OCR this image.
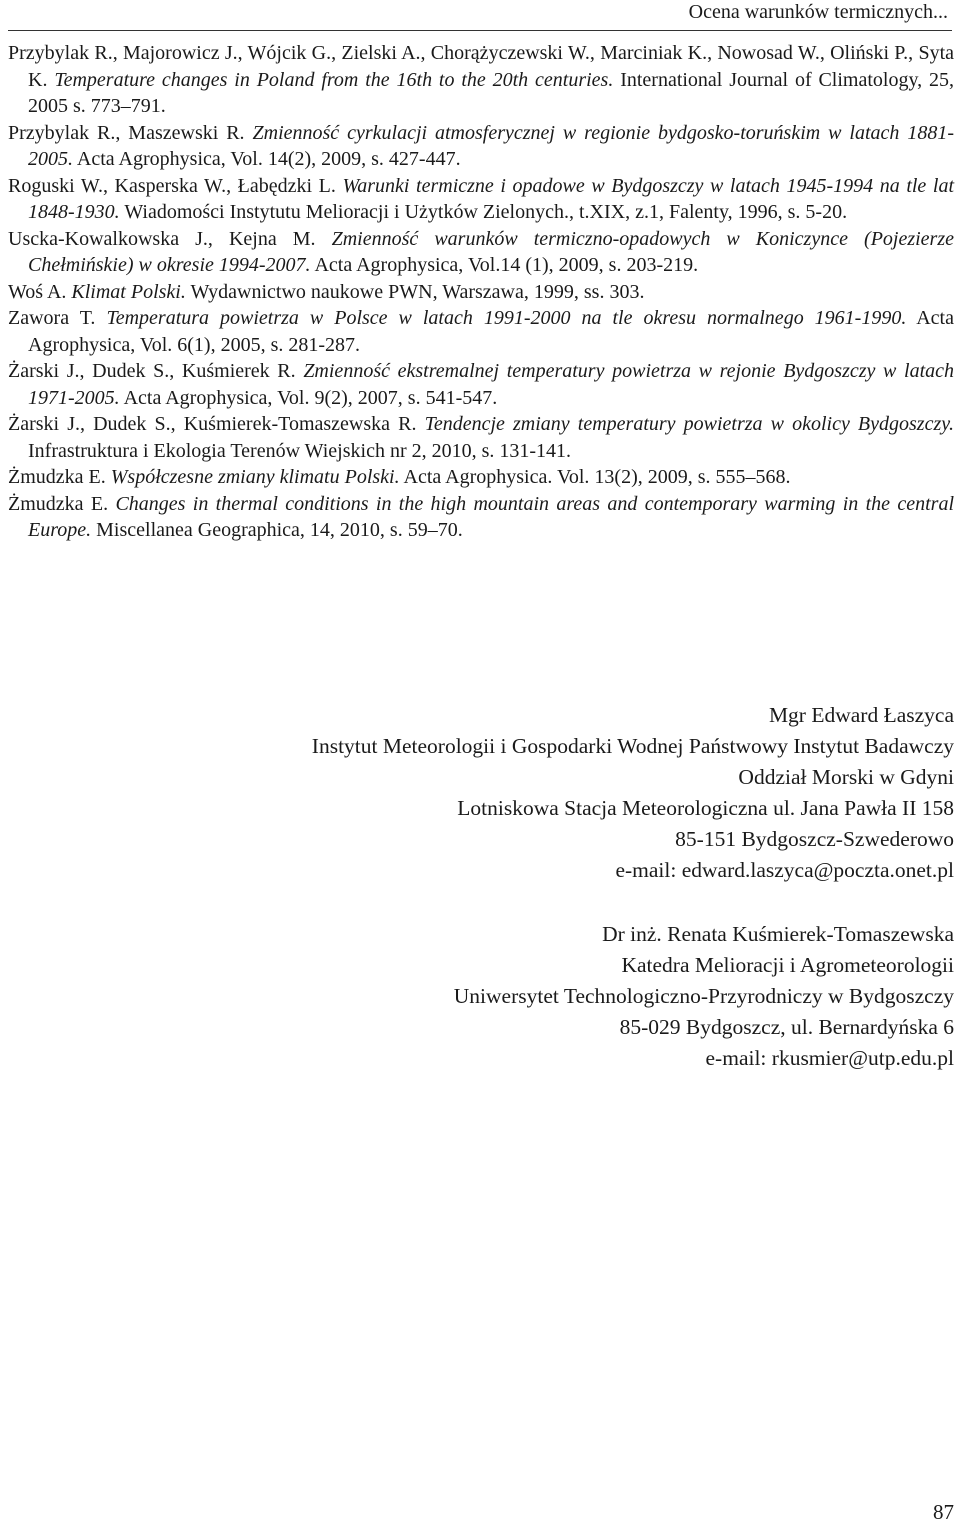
Ocena warunków termicznych...

Przybylak R., Majorowicz J., Wójcik G., Zielski A., Chorążyczewski W., Marciniak K., Nowosad W., Oliński P., Syta K. Temperature changes in Poland from the 16th to the 20th centuries. International Journal of Climatology, 25, 2005 s. 773–791.

Przybylak R., Maszewski R. Zmienność cyrkulacji atmosferycznej w regionie bydgosko-toruńskim w latach 1881-2005. Acta Agrophysica, Vol. 14(2), 2009, s. 427-447.

Roguski W., Kasperska W., Łabędzki L. Warunki termiczne i opadowe w Bydgoszczy w latach 1945-1994 na tle lat 1848-1930. Wiadomości Instytutu Melioracji i Użytków Zielonych., t.XIX, z.1, Falenty, 1996, s. 5-20.

Uscka-Kowalkowska J., Kejna M. Zmienność warunków termiczno-opadowych w Koniczynce (Pojezierze Chełmińskie) w okresie 1994-2007. Acta Agrophysica, Vol.14 (1), 2009, s. 203-219.

Woś A. Klimat Polski. Wydawnictwo naukowe PWN, Warszawa, 1999, ss. 303.

Zawora T. Temperatura powietrza w Polsce w latach 1991-2000 na tle okresu normalnego 1961-1990. Acta Agrophysica, Vol. 6(1), 2005, s. 281-287.

Żarski J., Dudek S., Kuśmierek R. Zmienność ekstremalnej temperatury powietrza w rejonie Bydgoszczy w latach 1971-2005. Acta Agrophysica, Vol. 9(2), 2007, s. 541-547.

Żarski J., Dudek S., Kuśmierek-Tomaszewska R. Tendencje zmiany temperatury powietrza w okolicy Bydgoszczy. Infrastruktura i Ekologia Terenów Wiejskich nr 2, 2010, s. 131-141.

Żmudzka E. Współczesne zmiany klimatu Polski. Acta Agrophysica. Vol. 13(2), 2009, s. 555–568.

Żmudzka E. Changes in thermal conditions in the high mountain areas and contemporary warming in the central Europe. Miscellanea Geographica, 14, 2010, s. 59–70.

Mgr Edward Łaszyca
Instytut Meteorologii i Gospodarki Wodnej Państwowy Instytut Badawczy
Oddział Morski w Gdyni
Lotniskowa Stacja Meteorologiczna ul. Jana Pawła II 158
85-151 Bydgoszcz-Szwederowo
e-mail: edward.laszyca@poczta.onet.pl
Dr inż. Renata Kuśmierek-Tomaszewska
Katedra Melioracji i Agrometeorologii
Uniwersytet Technologiczno-Przyrodniczy w Bydgoszczy
85-029 Bydgoszcz, ul. Bernardyńska 6
e-mail: rkusmier@utp.edu.pl
87
